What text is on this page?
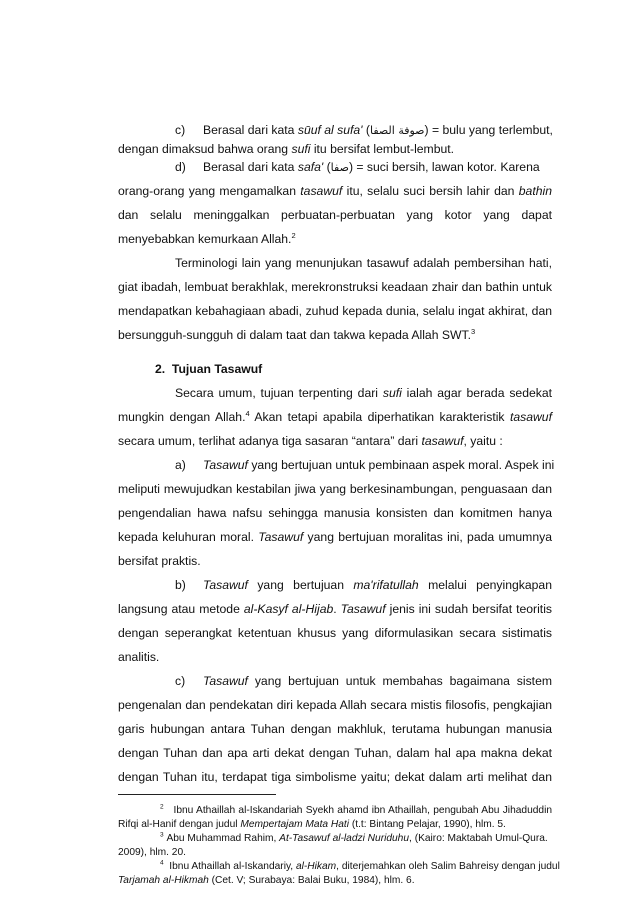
c) Berasal dari kata sūuf al sufa' (صوفة الصفا) = bulu yang terlembut,
dengan dimaksud bahwa orang sufi itu bersifat lembut-lembut.
d) Berasal dari kata safa' (صفا) = suci bersih, lawan kotor. Karena
orang-orang yang mengamalkan tasawuf itu, selalu suci bersih lahir dan bathin
dan selalu meninggalkan perbuatan-perbuatan yang kotor yang dapat
menyebabkan kemurkaan Allah.$^2$
Terminologi lain yang menunjukan tasawuf adalah pembersihan hati,
giat ibadah, lembuat berakhlak, merekronstruksi keadaan zhair dan bathin untuk
mendapatkan kebahagiaan abadi, zuhud kepada dunia, selalu ingat akhirat, dan
bersungguh-sungguh di dalam taat dan takwa kepada Allah SWT.$^3$
2.  Tujuan Tasawuf
Secara umum, tujuan terpenting dari sufi ialah agar berada sedekat
mungkin dengan Allah.$^4$ Akan tetapi apabila diperhatikan karakteristik tasawuf
secara umum, terlihat adanya tiga sasaran “antara” dari tasawuf, yaitu :
a) Tasawuf yang bertujuan untuk pembinaan aspek moral. Aspek ini
meliputi mewujudkan kestabilan jiwa yang berkesinambungan, penguasaan dan
pengendalian hawa nafsu sehingga manusia konsisten dan komitmen hanya
kepada keluhuran moral. Tasawuf yang bertujuan moralitas ini, pada umumnya
bersifat praktis.
b) Tasawuf yang bertujuan ma'rifatullah melalui penyingkapan
langsung atau metode al-Kasyf al-Hijab. Tasawuf jenis ini sudah bersifat teoritis
dengan seperangkat ketentuan khusus yang diformulasikan secara sistimatis
analitis.
c) Tasawuf yang bertujuan untuk membahas bagaimana sistem
pengenalan dan pendekatan diri kepada Allah secara mistis filosofis, pengkajian
garis hubungan antara Tuhan dengan makhluk, terutama hubungan manusia
dengan Tuhan dan apa arti dekat dengan Tuhan, dalam hal apa makna dekat
dengan Tuhan itu, terdapat tiga simbolisme yaitu; dekat dalam arti melihat dan
$^2$ Ibnu Athaillah al-Iskandariah Syekh ahamd ibn Athaillah, pengubah Abu Jihaduddin
Rifqi al-Hanif dengan judul Mempertajam Mata Hati (t.t: Bintang Pelajar, 1990), hlm. 5.
$^3$ Abu Muhammad Rahim, At-Tasawuf al-ladzi Nuriduhu, (Kairo: Maktabah Umul-Qura.
2009), hlm. 20.
$^4$ Ibnu Athaillah al-Iskandariy, al-Hikam, diterjemahkan oleh Salim Bahreisy dengan judul
Tarjamah al-Hikmah (Cet. V; Surabaya: Balai Buku, 1984), hlm. 6.
